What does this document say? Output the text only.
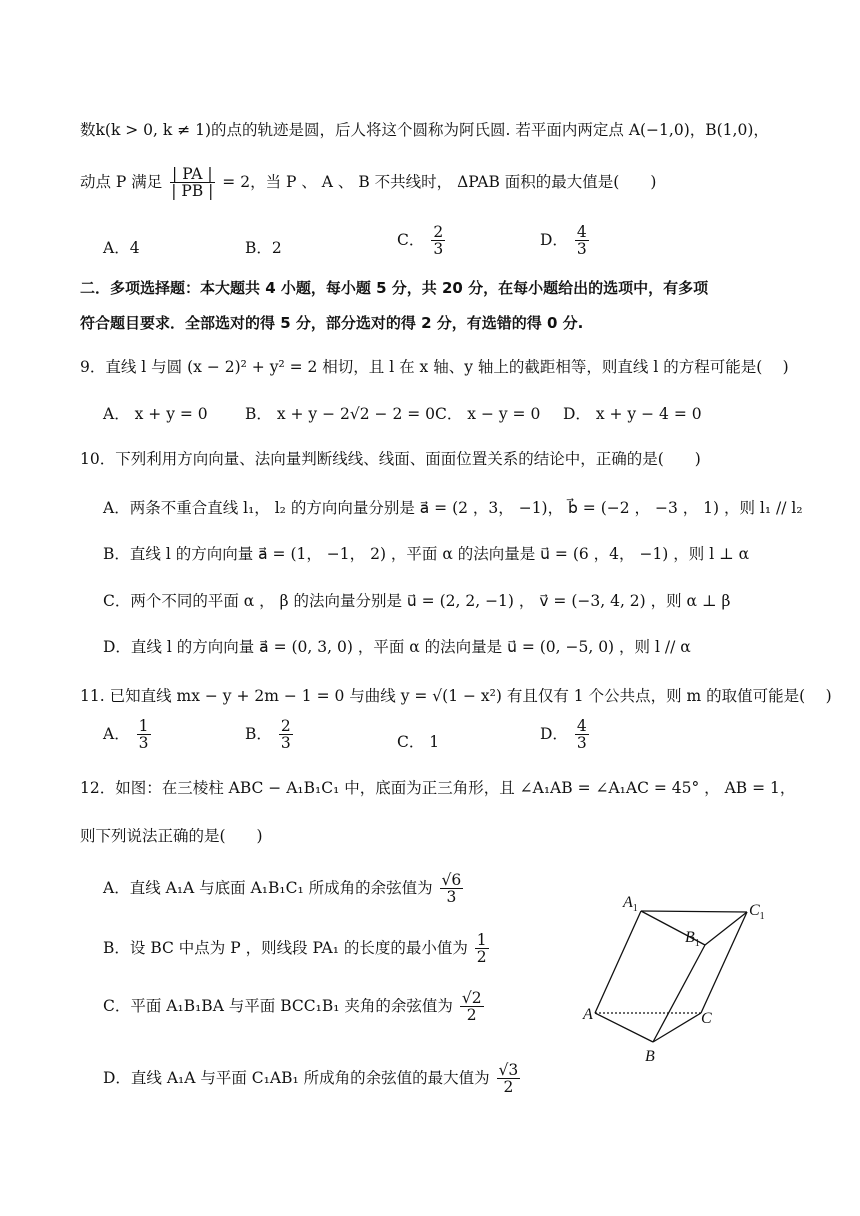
数k(k > 0, k ≠ 1)的点的轨迹是圆，后人将这个圆称为阿氏圆. 若平面内两定点 A(−1,0)，B(1,0)，
动点 P 满足 $\frac{| PA |}{| PB |} = 2$，当 P 、 A 、 B 不共线时， ΔPAB 面积的最大值是(　　)
A．4	B．2	C． $\frac{2}{3}$	D． $\frac{4}{3}$
二．多项选择题：本大题共 4 小题，每小题 5 分，共 20 分，在每小题给出的选项中，有多项
符合题目要求．全部选对的得 5 分，部分选对的得 2 分，有选错的得 0 分.
9．直线 l 与圆 (x − 2)² + y² = 2 相切，且 l 在 x 轴、y 轴上的截距相等，则直线 l 的方程可能是(　 )
A． x + y = 0 B． x + y − 2√2 − 2 = 0 C． x − y = 0 D． x + y − 4 = 0
10．下列利用方向向量、法向量判断线线、线面、面面位置关系的结论中，正确的是(　　)
A．两条不重合直线 l₁， l₂ 的方向向量分别是 a⃗ = (2 ，3， −1)， b⃗ = (−2 ， −3 ， 1) ，则 l₁ // l₂
B．直线 l 的方向向量 a⃗ = (1， −1， 2) ，平面 α 的法向量是 u⃗ = (6 ，4， −1) ，则 l ⊥ α
C．两个不同的平面 α ， β 的法向量分别是 u⃗ = (2, 2, −1) ， v⃗ = (−3, 4, 2) ，则 α ⊥ β
D．直线 l 的方向向量 a⃗ = (0, 3, 0) ，平面 α 的法向量是 u⃗ = (0, −5, 0) ，则 l // α
11. 已知直线 mx − y + 2m − 1 = 0 与曲线 y = √(1 − x²) 有且仅有 1 个公共点，则 m 的取值可能是(　 )
A． $\frac{1}{3}$	B． $\frac{2}{3}$	C． 1	D． $\frac{4}{3}$
12．如图：在三棱柱 ABC − A₁B₁C₁ 中，底面为正三角形，且 ∠A₁AB = ∠A₁AC = 45° ， AB = 1，
则下列说法正确的是(　　)
A．直线 A₁A 与底面 A₁B₁C₁ 所成角的余弦值为 $\frac{√6}{3}$
B．设 BC 中点为 P ，则线段 PA₁ 的长度的最小值为 $\frac{1}{2}$
C．平面 A₁B₁BA 与平面 BCC₁B₁ 夹角的余弦值为 $\frac{√2}{2}$
D．直线 A₁A 与平面 C₁AB₁ 所成角的余弦值的最大值为 $\frac{√3}{2}$
$A_1$
$B_1$
$C_1$
A
B
C
